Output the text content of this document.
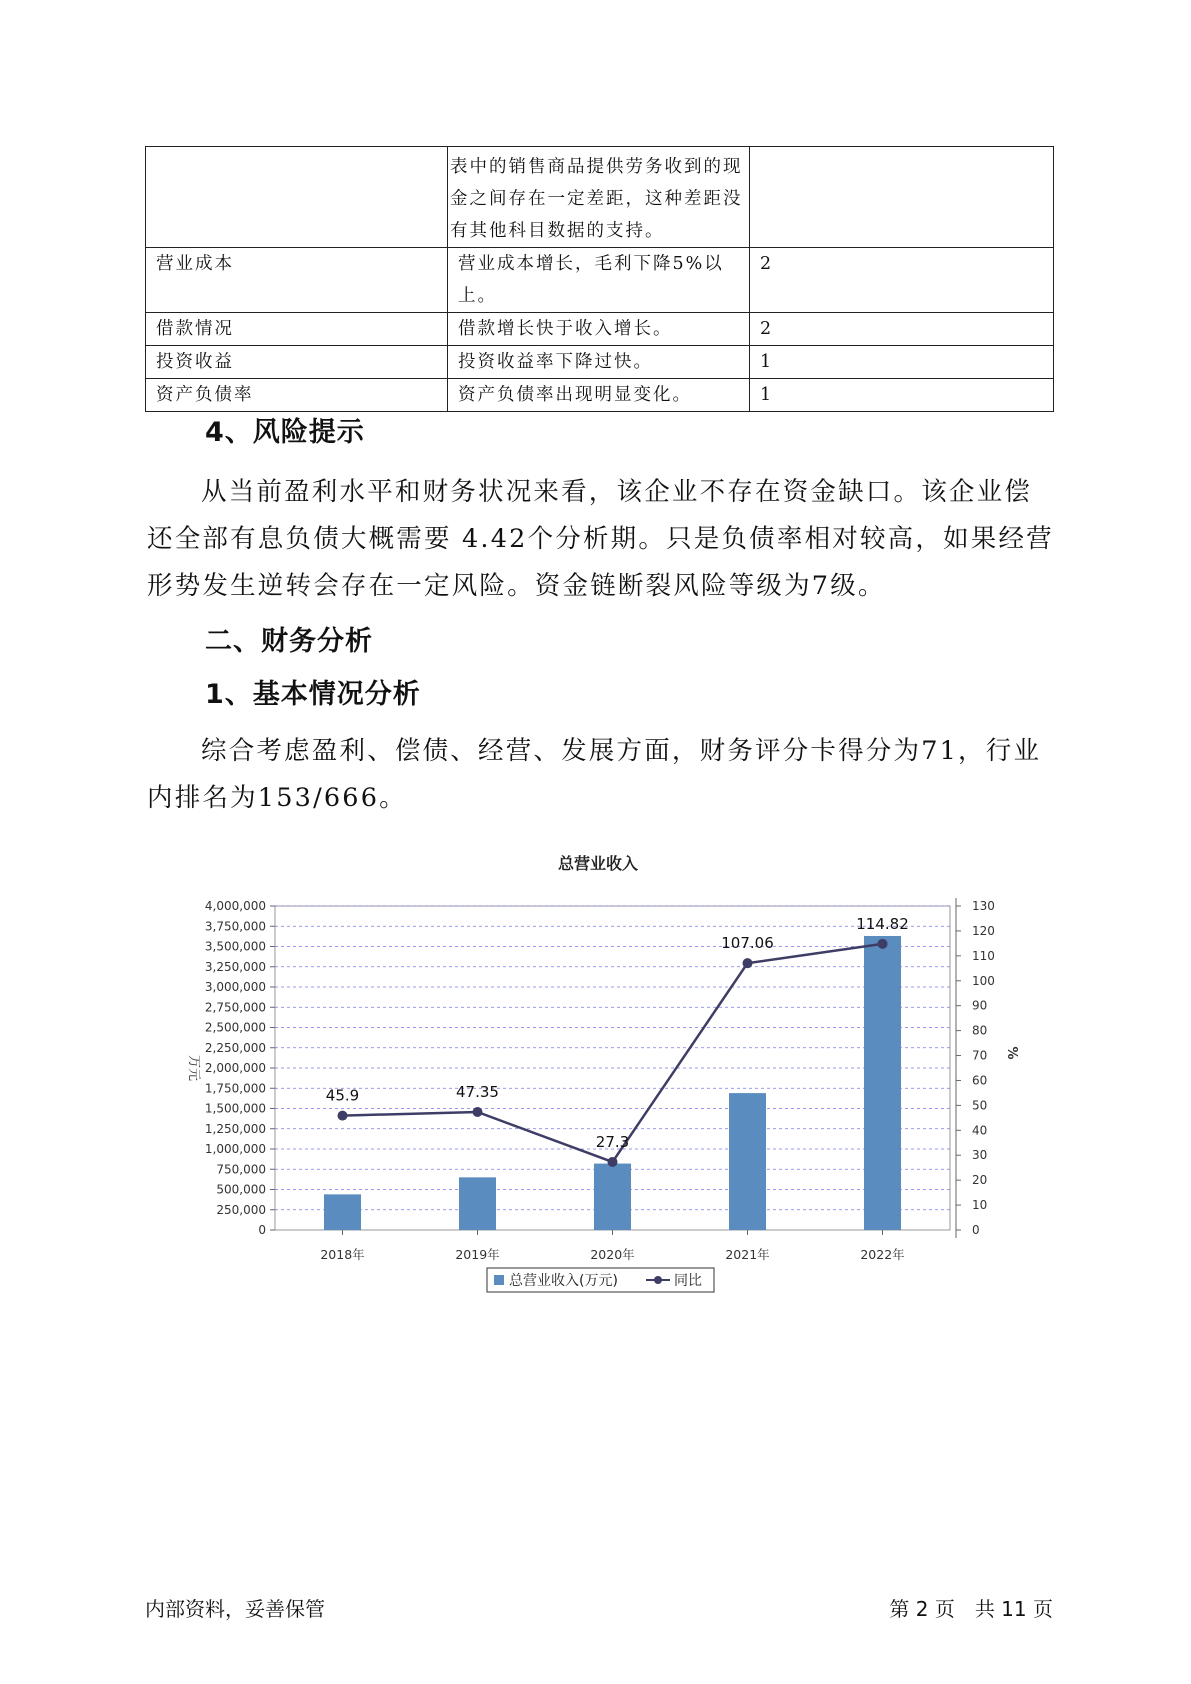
	表中的销售商品提供劳务收到的现金之间存在一定差距，这种差距没有其他科目数据的支持。	
营业成本	营业成本增长，毛利下降5%以上。	2
借款情况	借款增长快于收入增长。	2
投资收益	投资收益率下降过快。	1
资产负债率	资产负债率出现明显变化。	1
4、风险提示
从当前盈利水平和财务状况来看，该企业不存在资金缺口。该企业偿还全部有息负债大概需要 4.42个分析期。只是负债率相对较高，如果经营形势发生逆转会存在一定风险。资金链断裂风险等级为7级。
二、财务分析
1、基本情况分析
综合考虑盈利、偿债、经营、发展方面，财务评分卡得分为71，行业内排名为153/666。
总营业收入
45.9	47.35
27.3
107.06
114.82
0
250,000
500,000
750,000
1,000,000
1,250,000
1,500,000
1,750,000
2,000,000
2,250,000
2,500,000
2,750,000
3,000,000
3,250,000
3,500,000
3,750,000
4,000,000
0
10
20
30
40
50
60
70
80
90
100
110
120
130
万元
%
2018年	2019年	2020年	2021年	2022年
总营业收入(万元)	同比
内部资料，妥善保管	第 2 页　共 11 页
